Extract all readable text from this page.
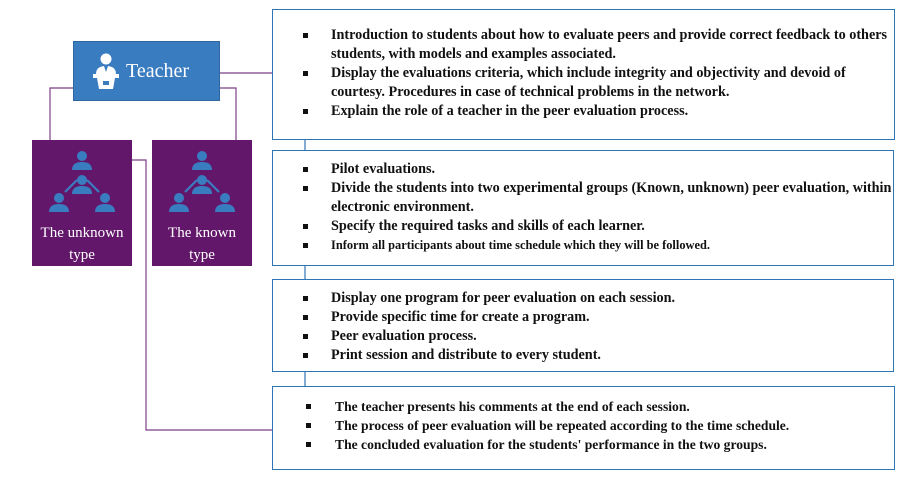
Teacher
The unknown
type
The known
type
Introduction to students about how to evaluate peers and provide correct feedback to others students, with models and examples associated.
Display the evaluations criteria, which include integrity and objectivity and devoid of courtesy. Procedures in case of technical problems in the network.
Explain the role of a teacher in the peer evaluation process.
Pilot evaluations.
Divide the students into two experimental groups (Known, unknown) peer evaluation, within electronic environment.
Specify the required tasks and skills of each learner.
Inform all participants about time schedule which they will be followed.
Display one program for peer evaluation on each session.
Provide specific time for create a program.
Peer evaluation process.
Print session and distribute to every student.
The teacher presents his comments at the end of each session.
The process of peer evaluation will be repeated according to the time schedule.
The concluded evaluation for the students' performance in the two groups.
